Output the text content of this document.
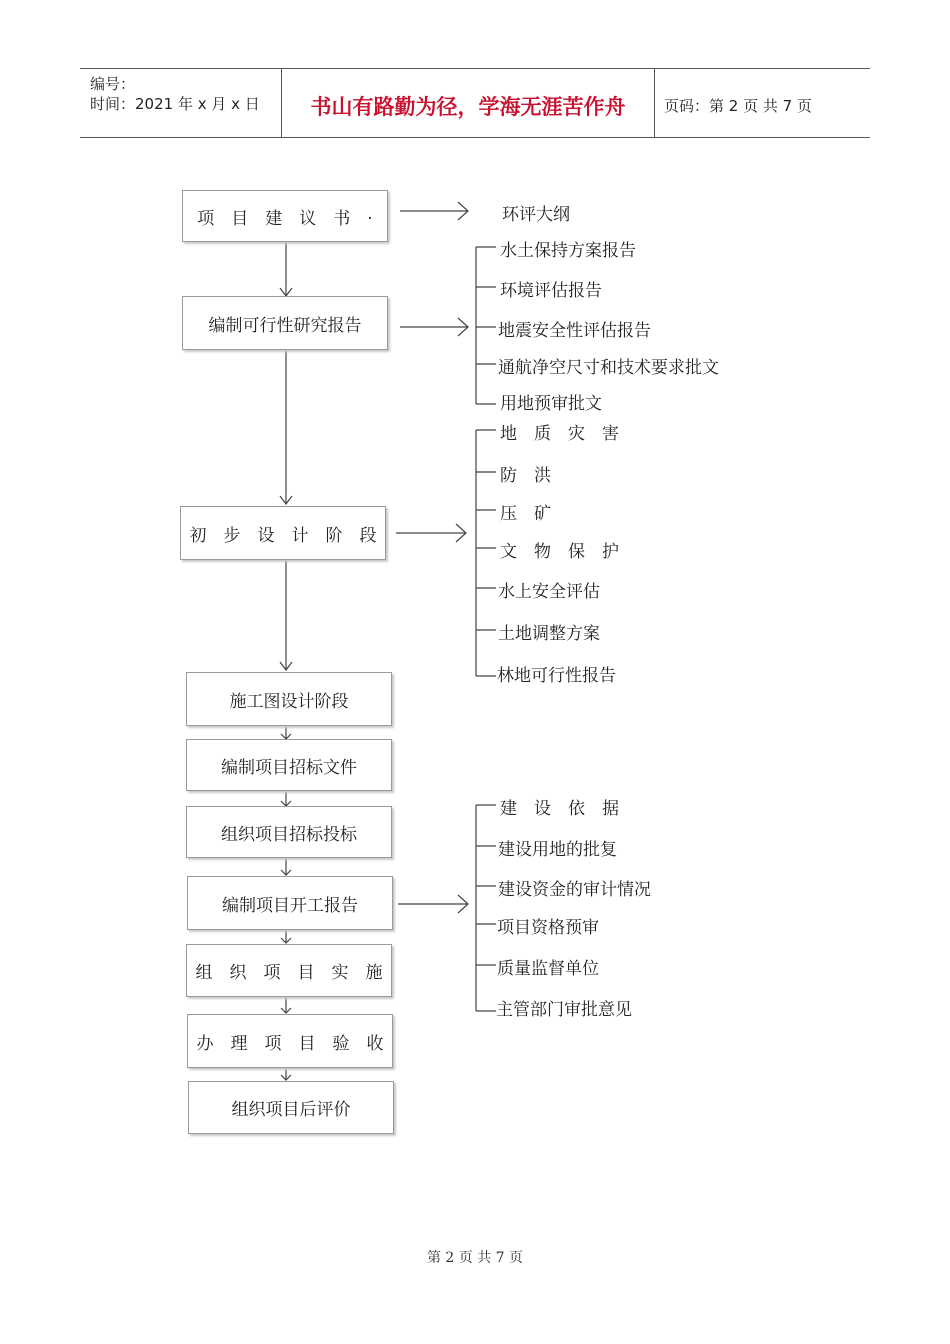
编号：
时间：2021 年 x 月 x 日	书山有路勤为径，学海无涯苦作舟	页码：第 2 页 共 7 页
项　目　建　议　书　·
编制可行性研究报告
初　步　设　计　阶　段
施工图设计阶段
编制项目招标文件
组织项目招标投标
编制项目开工报告
组　织　项　目　实　施
办　理　项　目　验　收
组织项目后评价
环评大纲
水土保持方案报告
环境评估报告
地震安全性评估报告
通航净空尺寸和技术要求批文
用地预审批文
地　质　灾　害
防　洪
压　矿
文　物　保　护
水上安全评估
土地调整方案
林地可行性报告
建　设　依　据
建设用地的批复
建设资金的审计情况
项目资格预审
质量监督单位
主管部门审批意见
第 2 页 共 7 页
